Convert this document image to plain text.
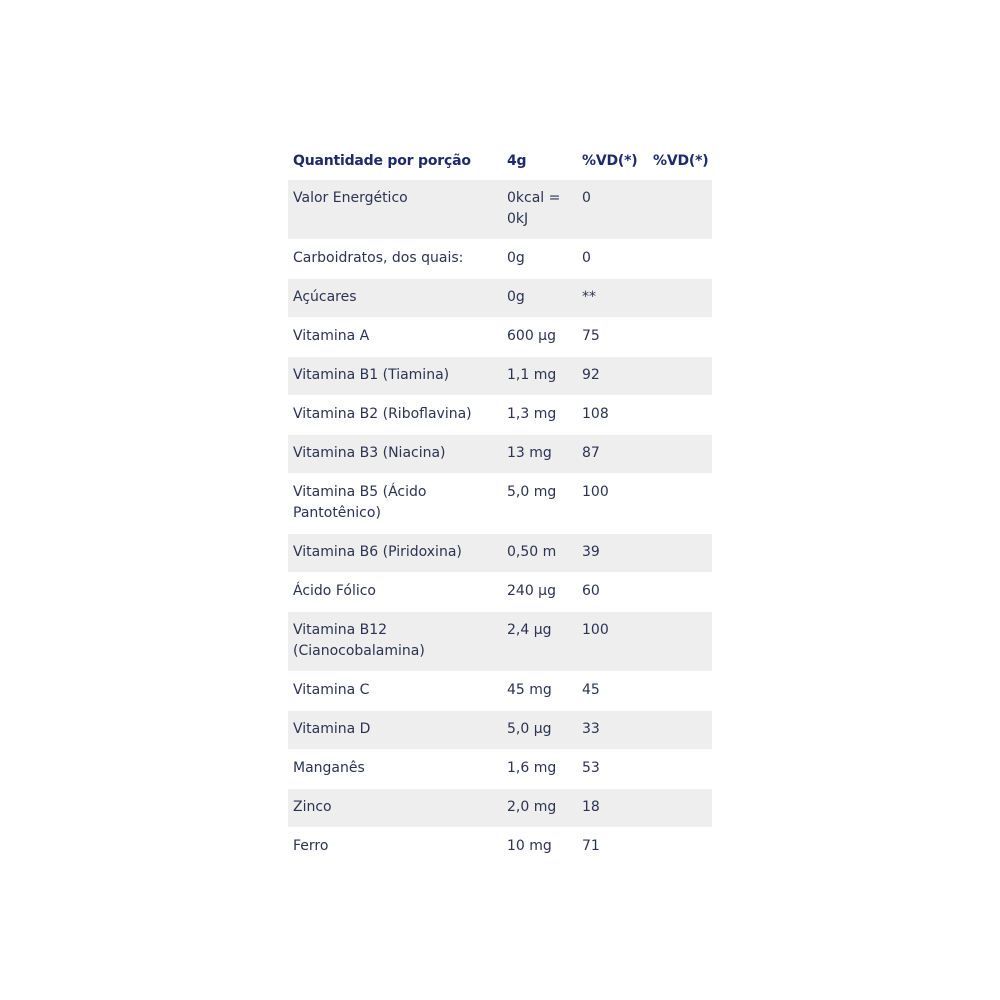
Quantidade por porção	4g	%VD(*)	%VD(*)
Valor Energético	0kcal = 0kJ	0	
Carboidratos, dos quais:	0g	0	
Açúcares	0g	**	
Vitamina A	600 µg	75	
Vitamina B1 (Tiamina)	1,1 mg	92	
Vitamina B2 (Riboflavina)	1,3 mg	108	
Vitamina B3 (Niacina)	13 mg	87	
Vitamina B5 (Ácido Pantotênico)	5,0 mg	100	
Vitamina B6 (Piridoxina)	0,50 m	39	
Ácido Fólico	240 µg	60	
Vitamina B12 (Cianocobalamina)	2,4 µg	100	
Vitamina C	45 mg	45	
Vitamina D	5,0 µg	33	
Manganês	1,6 mg	53	
Zinco	2,0 mg	18	
Ferro	10 mg	71	
